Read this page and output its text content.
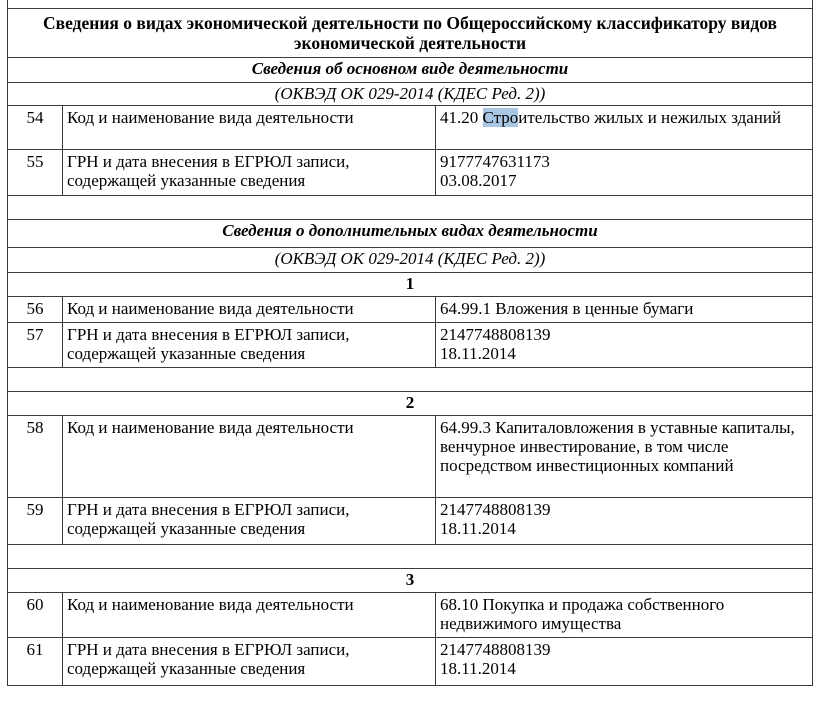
Сведения о видах экономической деятельности по Общероссийскому классификатору видов экономической деятельности		
Сведения об основном виде деятельности		
(ОКВЭД ОК 029-2014 (КДЕС Ред. 2))		
54	Код и наименование вида деятельности	41.20 Строительство жилых и нежилых зданий
55	ГРН и дата внесения в ЕГРЮЛ записи, содержащей указанные сведения	9177747631173
03.08.2017

Сведения о дополнительных видах деятельности		
(ОКВЭД ОК 029-2014 (КДЕС Ред. 2))		
1		
56	Код и наименование вида деятельности	64.99.1 Вложения в ценные бумаги
57	ГРН и дата внесения в ЕГРЮЛ записи, содержащей указанные сведения	2147748808139
18.11.2014

2		
58	Код и наименование вида деятельности	64.99.3 Капиталовложения в уставные капиталы, венчурное инвестирование, в том числе посредством инвестиционных компаний
59	ГРН и дата внесения в ЕГРЮЛ записи, содержащей указанные сведения	2147748808139
18.11.2014

3		
60	Код и наименование вида деятельности	68.10 Покупка и продажа собственного недвижимого имущества
61	ГРН и дата внесения в ЕГРЮЛ записи, содержащей указанные сведения	2147748808139
18.11.2014
